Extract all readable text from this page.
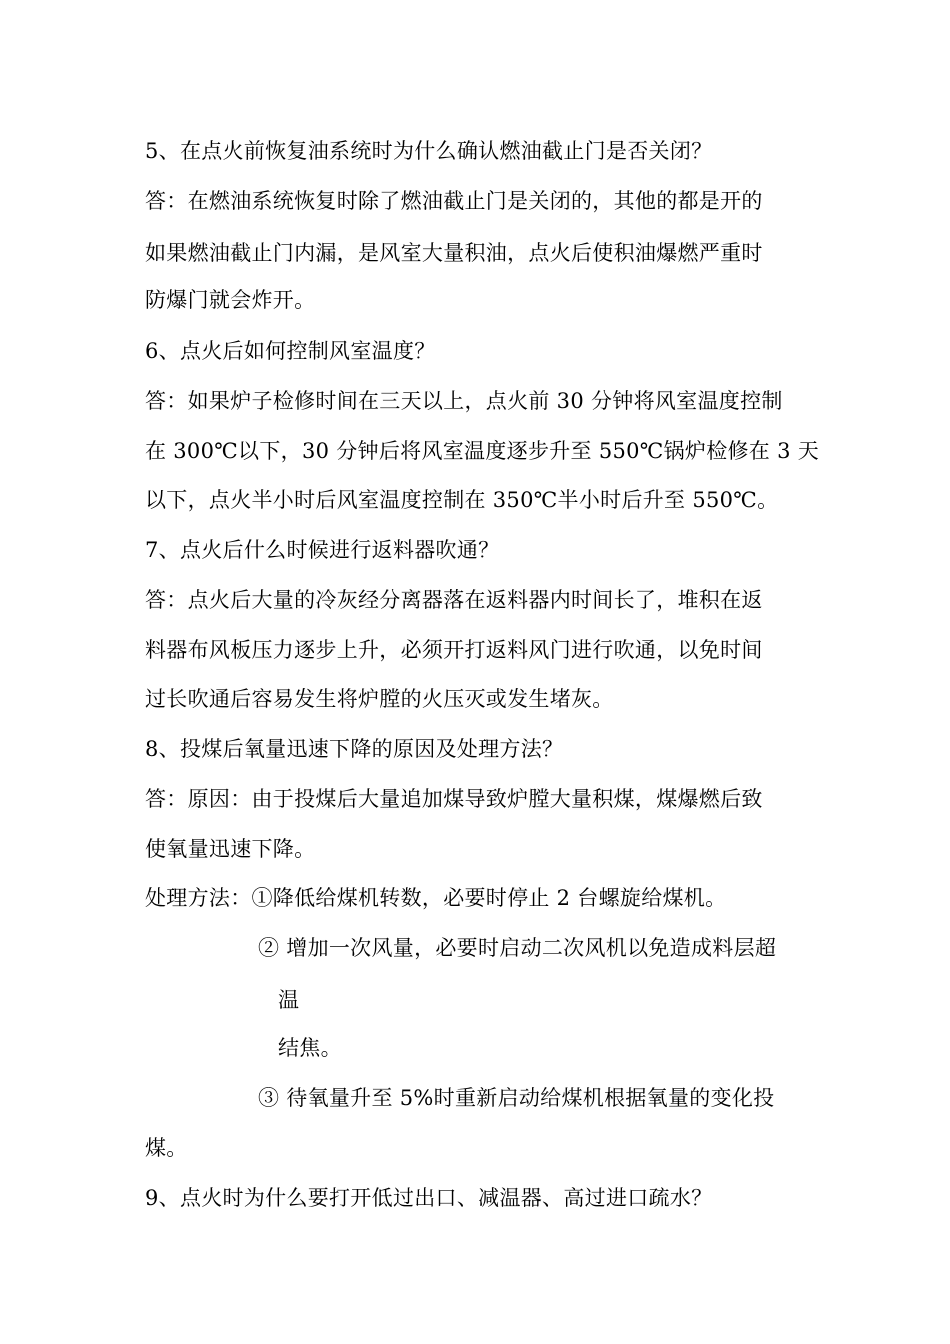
5、在点火前恢复油系统时为什么确认燃油截止门是否关闭？
答：在燃油系统恢复时除了燃油截止门是关闭的，其他的都是开的
如果燃油截止门内漏，是风室大量积油，点火后使积油爆燃严重时
防爆门就会炸开。
6、点火后如何控制风室温度？
答：如果炉子检修时间在三天以上，点火前 30 分钟将风室温度控制
在 300℃以下，30 分钟后将风室温度逐步升至 550℃锅炉检修在 3 天
以下，点火半小时后风室温度控制在 350℃半小时后升至 550℃。
7、点火后什么时候进行返料器吹通？
答：点火后大量的冷灰经分离器落在返料器内时间长了，堆积在返
料器布风板压力逐步上升，必须开打返料风门进行吹通，以免时间
过长吹通后容易发生将炉膛的火压灭或发生堵灰。
8、投煤后氧量迅速下降的原因及处理方法？
答：原因：由于投煤后大量追加煤导致炉膛大量积煤，煤爆燃后致
使氧量迅速下降。
处理方法：①降低给煤机转数，必要时停止 2 台螺旋给煤机。
② 增加一次风量，必要时启动二次风机以免造成料层超
温
结焦。
③ 待氧量升至 5%时重新启动给煤机根据氧量的变化投
煤。
9、点火时为什么要打开低过出口、减温器、高过进口疏水？
